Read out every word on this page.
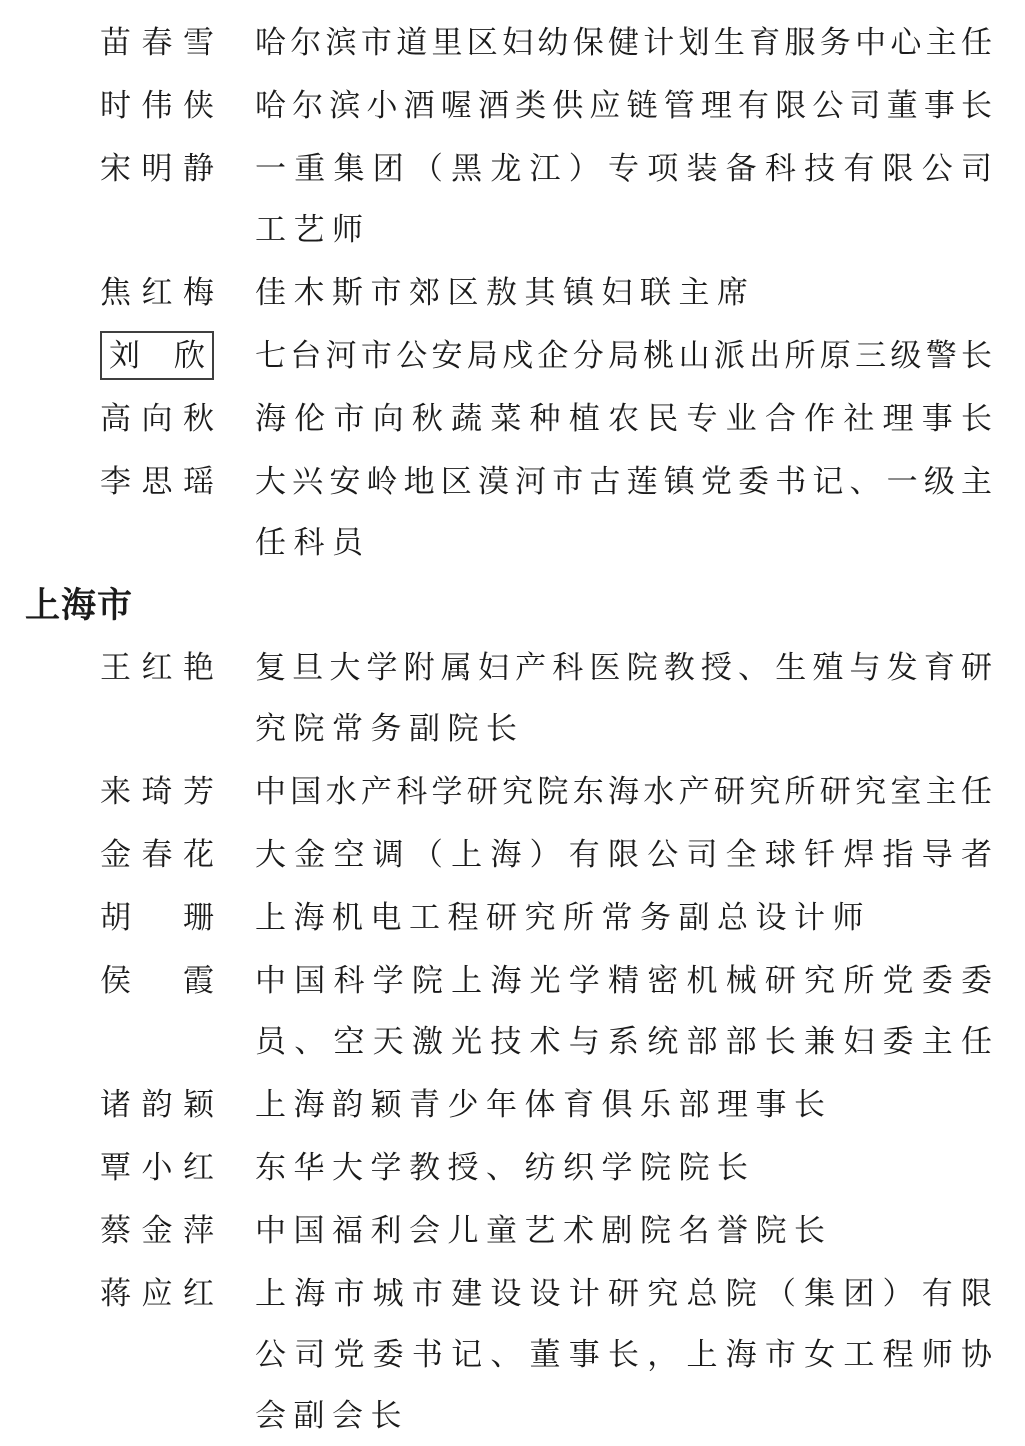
苗春雪 哈尔滨市道里区妇幼保健计划生育服务中心主任
时伟侠 哈尔滨小酒喔酒类供应链管理有限公司董事长
宋明静 一重集团（黑龙江）专项装备科技有限公司
工艺师
焦红梅 佳木斯市郊区敖其镇妇联主席
刘欣 七台河市公安局戍企分局桃山派出所原三级警长
高向秋 海伦市向秋蔬菜种植农民专业合作社理事长
李思瑶 大兴安岭地区漠河市古莲镇党委书记、一级主
任科员
上海市
王红艳 复旦大学附属妇产科医院教授、生殖与发育研
究院常务副院长
来琦芳 中国水产科学研究院东海水产研究所研究室主任
金春花 大金空调（上海）有限公司全球钎焊指导者
胡珊 上海机电工程研究所常务副总设计师
侯霞 中国科学院上海光学精密机械研究所党委委
员、空天激光技术与系统部部长兼妇委主任
诸韵颖 上海韵颖青少年体育俱乐部理事长
覃小红 东华大学教授、纺织学院院长
蔡金萍 中国福利会儿童艺术剧院名誉院长
蒋应红 上海市城市建设设计研究总院（集团）有限
公司党委书记、董事长，上海市女工程师协
会副会长
